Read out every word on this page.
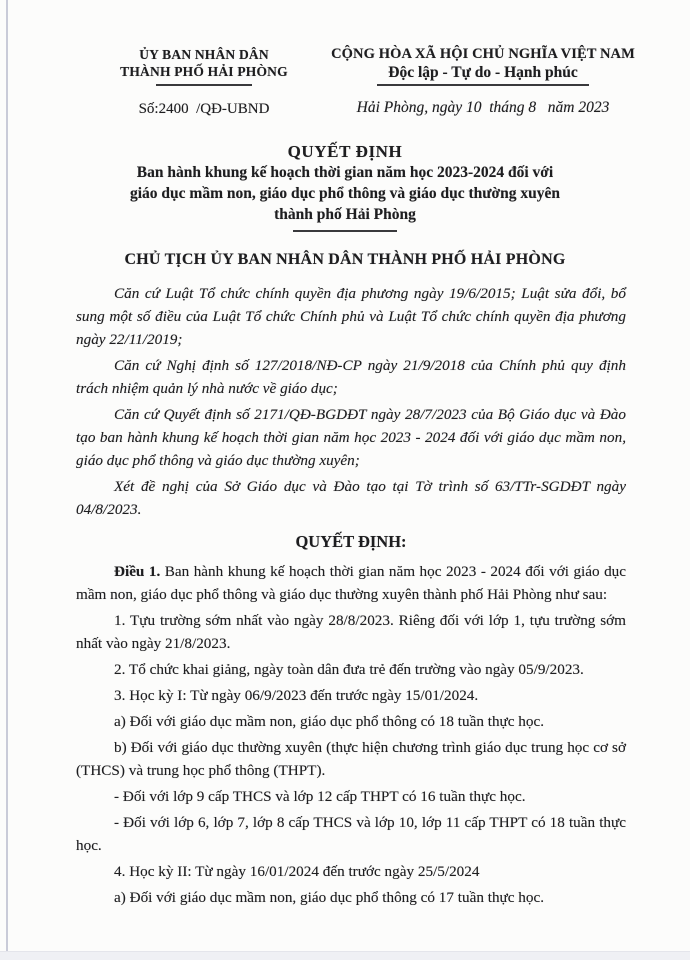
ỦY BAN NHÂN DÂN
THÀNH PHỐ HẢI PHÒNG
Số:2400  /QĐ-UBND
CỘNG HÒA XÃ HỘI CHỦ NGHĨA VIỆT NAM
Độc lập - Tự do - Hạnh phúc
Hải Phòng, ngày 10  tháng 8   năm 2023
QUYẾT ĐỊNH
Ban hành khung kế hoạch thời gian năm học 2023-2024 đối với
giáo dục mầm non, giáo dục phổ thông và giáo dục thường xuyên
thành phố Hải Phòng
CHỦ TỊCH ỦY BAN NHÂN DÂN THÀNH PHỐ HẢI PHÒNG

Căn cứ Luật Tổ chức chính quyền địa phương ngày 19/6/2015; Luật sửa đổi, bổ sung một số điều của Luật Tổ chức Chính phủ và Luật Tổ chức chính quyền địa phương ngày 22/11/2019;

Căn cứ Nghị định số 127/2018/NĐ-CP ngày 21/9/2018 của Chính phủ quy định trách nhiệm quản lý nhà nước về giáo dục;

Căn cứ Quyết định số 2171/QĐ-BGDĐT ngày 28/7/2023 của Bộ Giáo dục và Đào tạo ban hành khung kế hoạch thời gian năm học 2023 - 2024 đối với giáo dục mầm non, giáo dục phổ thông và giáo dục thường xuyên;

Xét đề nghị của Sở Giáo dục và Đào tạo tại Tờ trình số 63/TTr-SGDĐT ngày 04/8/2023.

QUYẾT ĐỊNH:

Điều 1. Ban hành khung kế hoạch thời gian năm học 2023 - 2024 đối với giáo dục mầm non, giáo dục phổ thông và giáo dục thường xuyên thành phố Hải Phòng như sau:

1. Tựu trường sớm nhất vào ngày 28/8/2023. Riêng đối với lớp 1, tựu trường sớm nhất vào ngày 21/8/2023.

2. Tổ chức khai giảng, ngày toàn dân đưa trẻ đến trường vào ngày 05/9/2023.

3. Học kỳ I: Từ ngày 06/9/2023 đến trước ngày 15/01/2024.

a) Đối với giáo dục mầm non, giáo dục phổ thông có 18 tuần thực học.

b) Đối với giáo dục thường xuyên (thực hiện chương trình giáo dục trung học cơ sở (THCS) và trung học phổ thông (THPT).

- Đối với lớp 9 cấp THCS và lớp 12 cấp THPT có 16 tuần thực học.

- Đối với lớp 6, lớp 7, lớp 8 cấp THCS và lớp 10, lớp 11 cấp THPT có 18 tuần thực học.

4. Học kỳ II: Từ ngày 16/01/2024 đến trước ngày 25/5/2024

a) Đối với giáo dục mầm non, giáo dục phổ thông có 17 tuần thực học.
